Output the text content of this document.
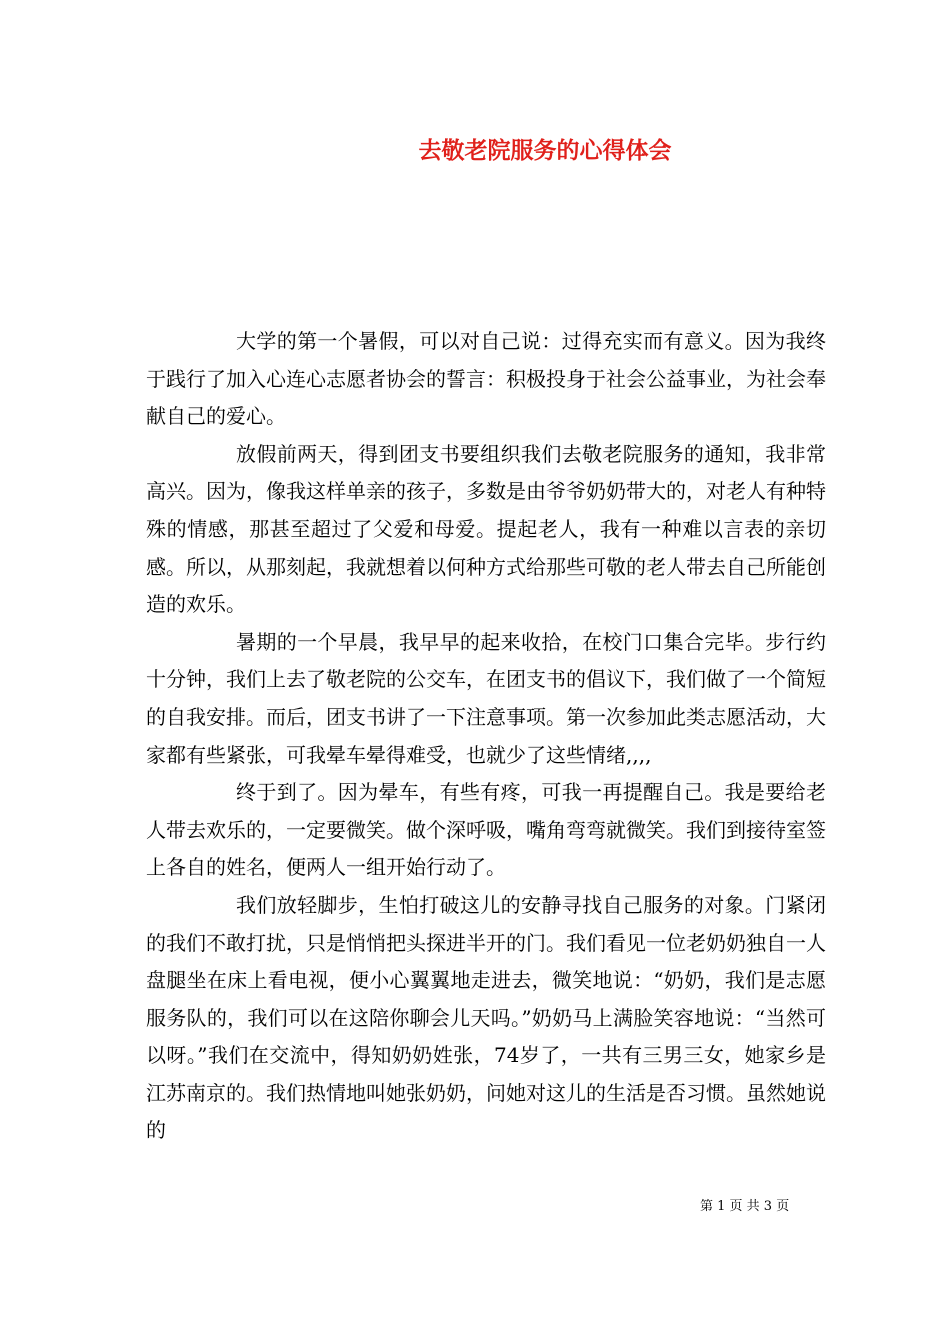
去敬老院服务的心得体会

大学的第一个暑假，可以对自己说：过得充实而有意义。因为我终于践行了加入心连心志愿者协会的誓言：积极投身于社会公益事业，为社会奉献自己的爱心。

放假前两天，得到团支书要组织我们去敬老院服务的通知，我非常高兴。因为，像我这样单亲的孩子，多数是由爷爷奶奶带大的，对老人有种特殊的情感，那甚至超过了父爱和母爱。提起老人，我有一种难以言表的亲切感。所以，从那刻起，我就想着以何种方式给那些可敬的老人带去自己所能创造的欢乐。

暑期的一个早晨，我早早的起来收拾，在校门口集合完毕。步行约十分钟，我们上去了敬老院的公交车，在团支书的倡议下，我们做了一个简短的自我安排。而后，团支书讲了一下注意事项。第一次参加此类志愿活动，大家都有些紧张，可我晕车晕得难受，也就少了这些情绪,,,,

终于到了。因为晕车，有些有疼，可我一再提醒自己。我是要给老人带去欢乐的，一定要微笑。做个深呼吸，嘴角弯弯就微笑。我们到接待室签上各自的姓名，便两人一组开始行动了。

我们放轻脚步，生怕打破这儿的安静寻找自己服务的对象。门紧闭的我们不敢打扰，只是悄悄把头探进半开的门。我们看见一位老奶奶独自一人盘腿坐在床上看电视，便小心翼翼地走进去，微笑地说：“奶奶，我们是志愿服务队的，我们可以在这陪你聊会儿天吗。”奶奶马上满脸笑容地说：“当然可以呀。”我们在交流中，得知奶奶姓张，74岁了，一共有三男三女，她家乡是江苏南京的。我们热情地叫她张奶奶，问她对这儿的生活是否习惯。虽然她说的

第 1 页 共 3 页
